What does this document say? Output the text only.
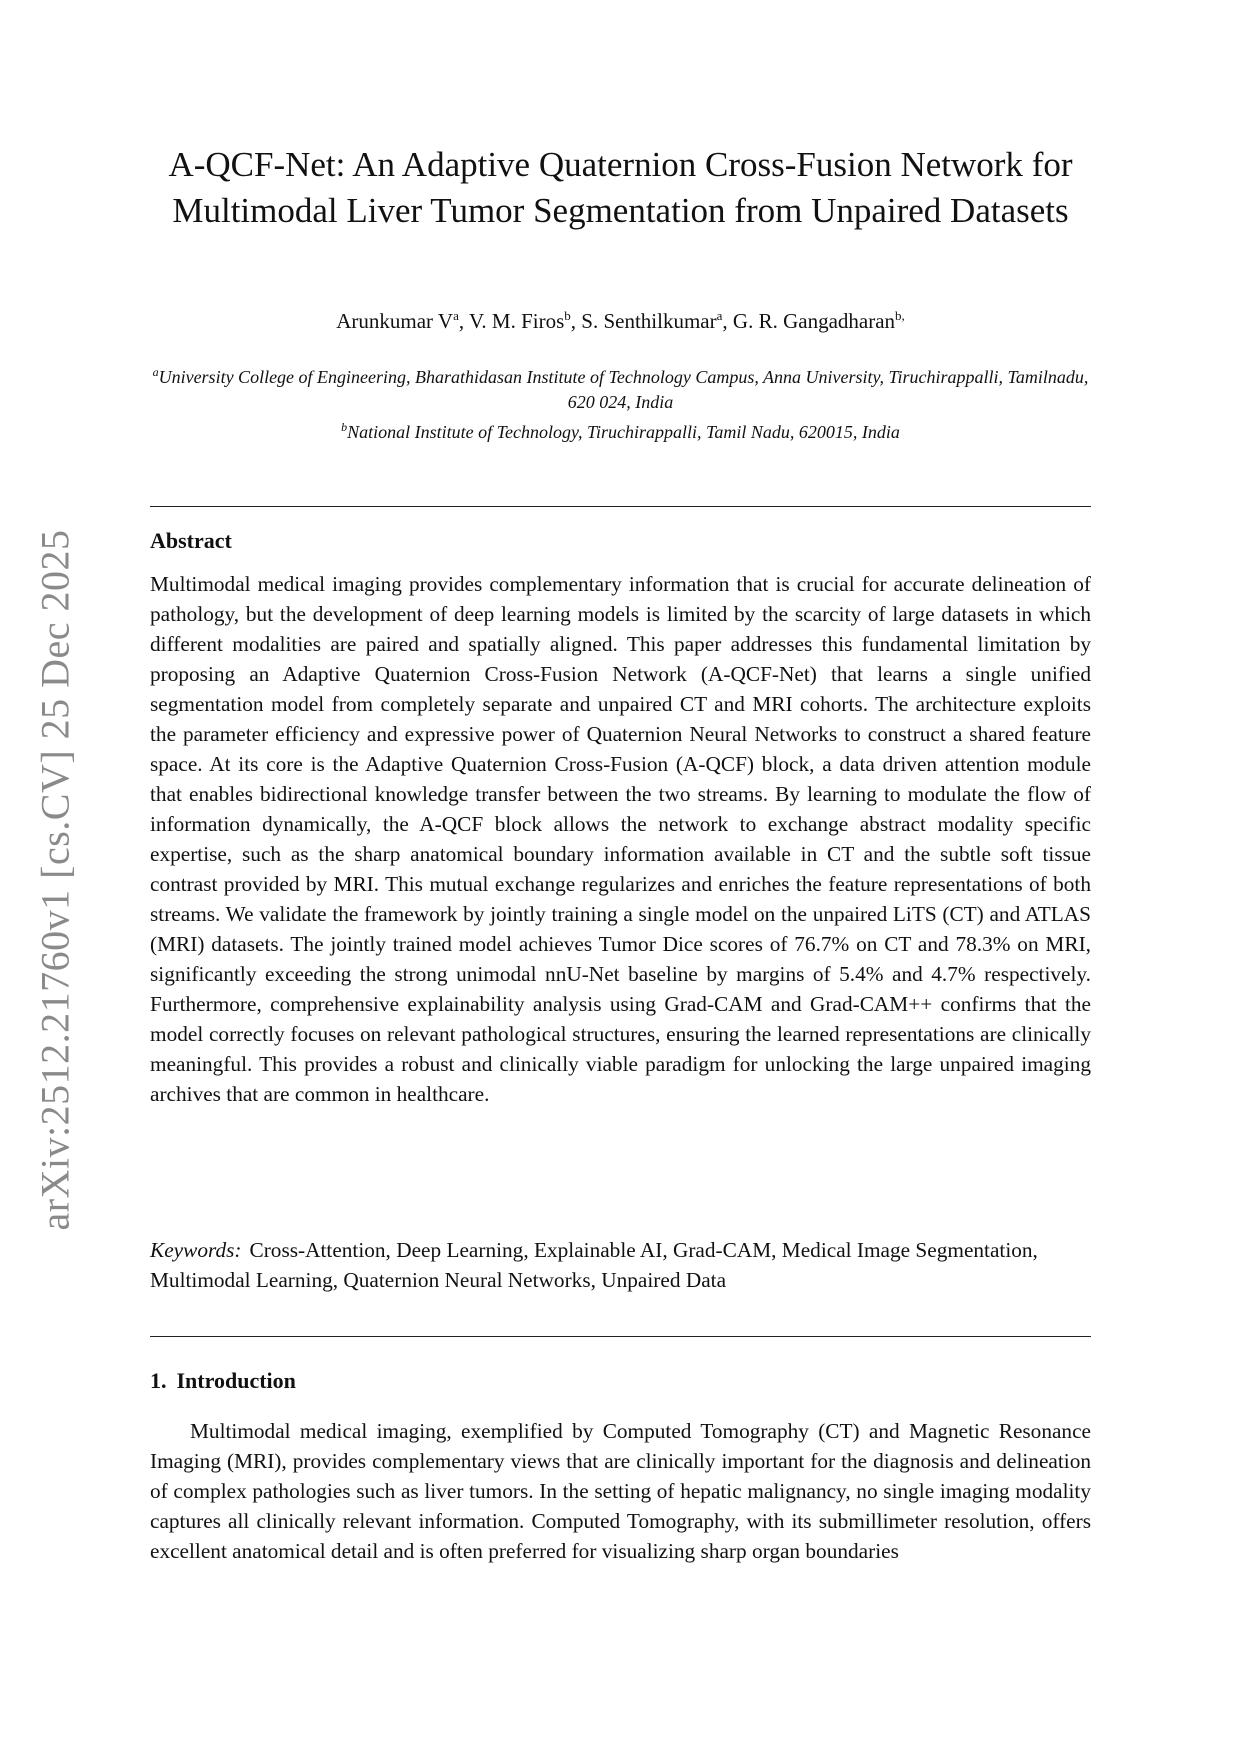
arXiv:2512.21760v1 [cs.CV] 25 Dec 2025
A-QCF-Net: An Adaptive Quaternion Cross-Fusion Network for Multimodal Liver Tumor Segmentation from Unpaired Datasets
Arunkumar $V^a$, V. M. Firos$^b$, S. Senthilkumar$^a$, G. R. Gangadharan$^{b,}$
$^a$University College of Engineering, Bharathidasan Institute of Technology Campus, Anna University, Tiruchirappalli, Tamilnadu, 620 024, India
$^b$National Institute of Technology, Tiruchirappalli, Tamil Nadu, 620015, India
Abstract

Multimodal medical imaging provides complementary information that is crucial for accurate delineation of pathology, but the development of deep learning models is limited by the scarcity of large datasets in which different modalities are paired and spatially aligned. This paper addresses this fundamental limitation by proposing an Adaptive Quaternion Cross-Fusion Network (A-QCF-Net) that learns a single unified segmentation model from completely separate and unpaired CT and MRI cohorts. The architecture exploits the parameter efficiency and expressive power of Quaternion Neural Networks to construct a shared feature space. At its core is the Adaptive Quaternion Cross-Fusion (A-QCF) block, a data driven attention module that enables bidirectional knowledge transfer between the two streams. By learning to modulate the flow of information dynamically, the A-QCF block allows the network to exchange abstract modality specific expertise, such as the sharp anatomical boundary information available in CT and the subtle soft tissue contrast provided by MRI. This mutual exchange regularizes and enriches the feature representations of both streams. We validate the framework by jointly training a single model on the unpaired LiTS (CT) and ATLAS (MRI) datasets. The jointly trained model achieves Tumor Dice scores of 76.7% on CT and 78.3% on MRI, significantly exceeding the strong unimodal nnU-Net baseline by margins of 5.4% and 4.7% respectively. Furthermore, comprehensive explainability analysis using Grad-CAM and Grad-CAM++ confirms that the model correctly focuses on relevant pathological structures, ensuring the learned representations are clinically meaningful. This provides a robust and clinically viable paradigm for unlocking the large unpaired imaging archives that are common in healthcare.

Keywords: Cross-Attention, Deep Learning, Explainable AI, Grad-CAM, Medical Image Segmentation, Multimodal Learning, Quaternion Neural Networks, Unpaired Data
1. Introduction

Multimodal medical imaging, exemplified by Computed Tomography (CT) and Magnetic Resonance Imaging (MRI), provides complementary views that are clinically important for the diagnosis and delineation of complex pathologies such as liver tumors. In the setting of hepatic malignancy, no single imaging modality captures all clinically relevant information. Computed Tomography, with its submillimeter resolution, offers excellent anatomical detail and is often preferred for visualizing sharp organ boundaries
